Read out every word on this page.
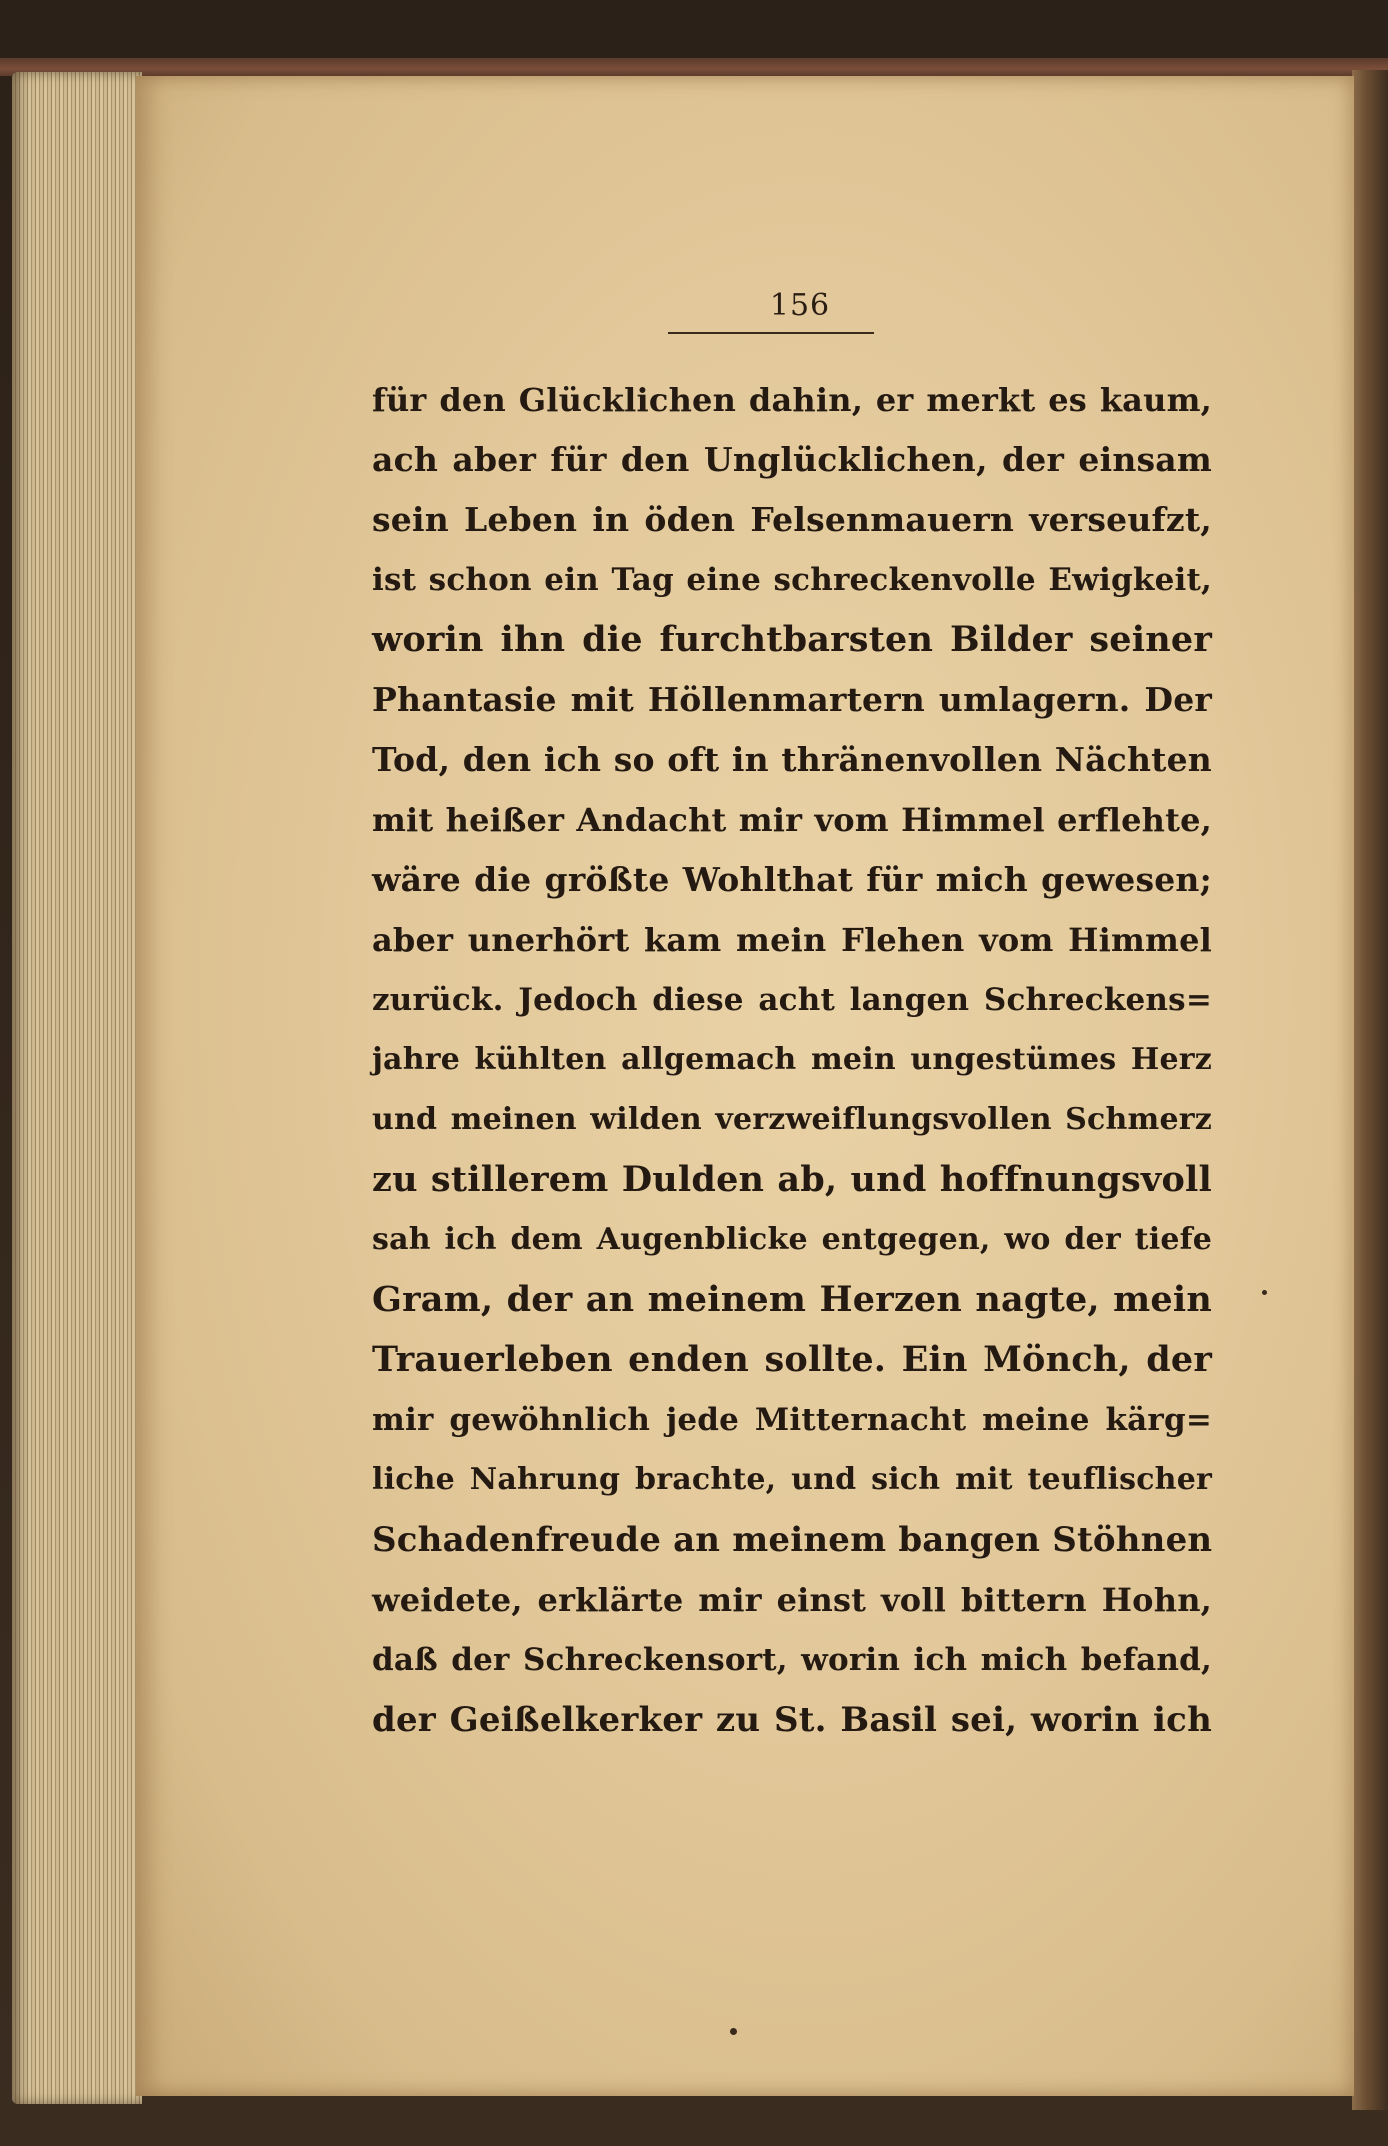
156
für den Glücklichen dahin, er merkt es kaum,
ach aber für den Unglücklichen, der einsam
sein Leben in öden Felsenmauern verseufzt,
ist schon ein Tag eine schreckenvolle Ewigkeit,
worin ihn die furchtbarsten Bilder seiner
Phantasie mit Höllenmartern umlagern. Der
Tod, den ich so oft in thränenvollen Nächten
mit heißer Andacht mir vom Himmel erflehte,
wäre die größte Wohlthat für mich gewesen;
aber unerhört kam mein Flehen vom Himmel
zurück. Jedoch diese acht langen Schreckens=
jahre kühlten allgemach mein ungestümes Herz
und meinen wilden verzweiflungsvollen Schmerz
zu stillerem Dulden ab, und hoffnungsvoll
sah ich dem Augenblicke entgegen, wo der tiefe
Gram, der an meinem Herzen nagte, mein
Trauerleben enden sollte. Ein Mönch, der
mir gewöhnlich jede Mitternacht meine kärg=
liche Nahrung brachte, und sich mit teuflischer
Schadenfreude an meinem bangen Stöhnen
weidete, erklärte mir einst voll bittern Hohn,
daß der Schreckensort, worin ich mich befand,
der Geißelkerker zu St. Basil sei, worin ich
